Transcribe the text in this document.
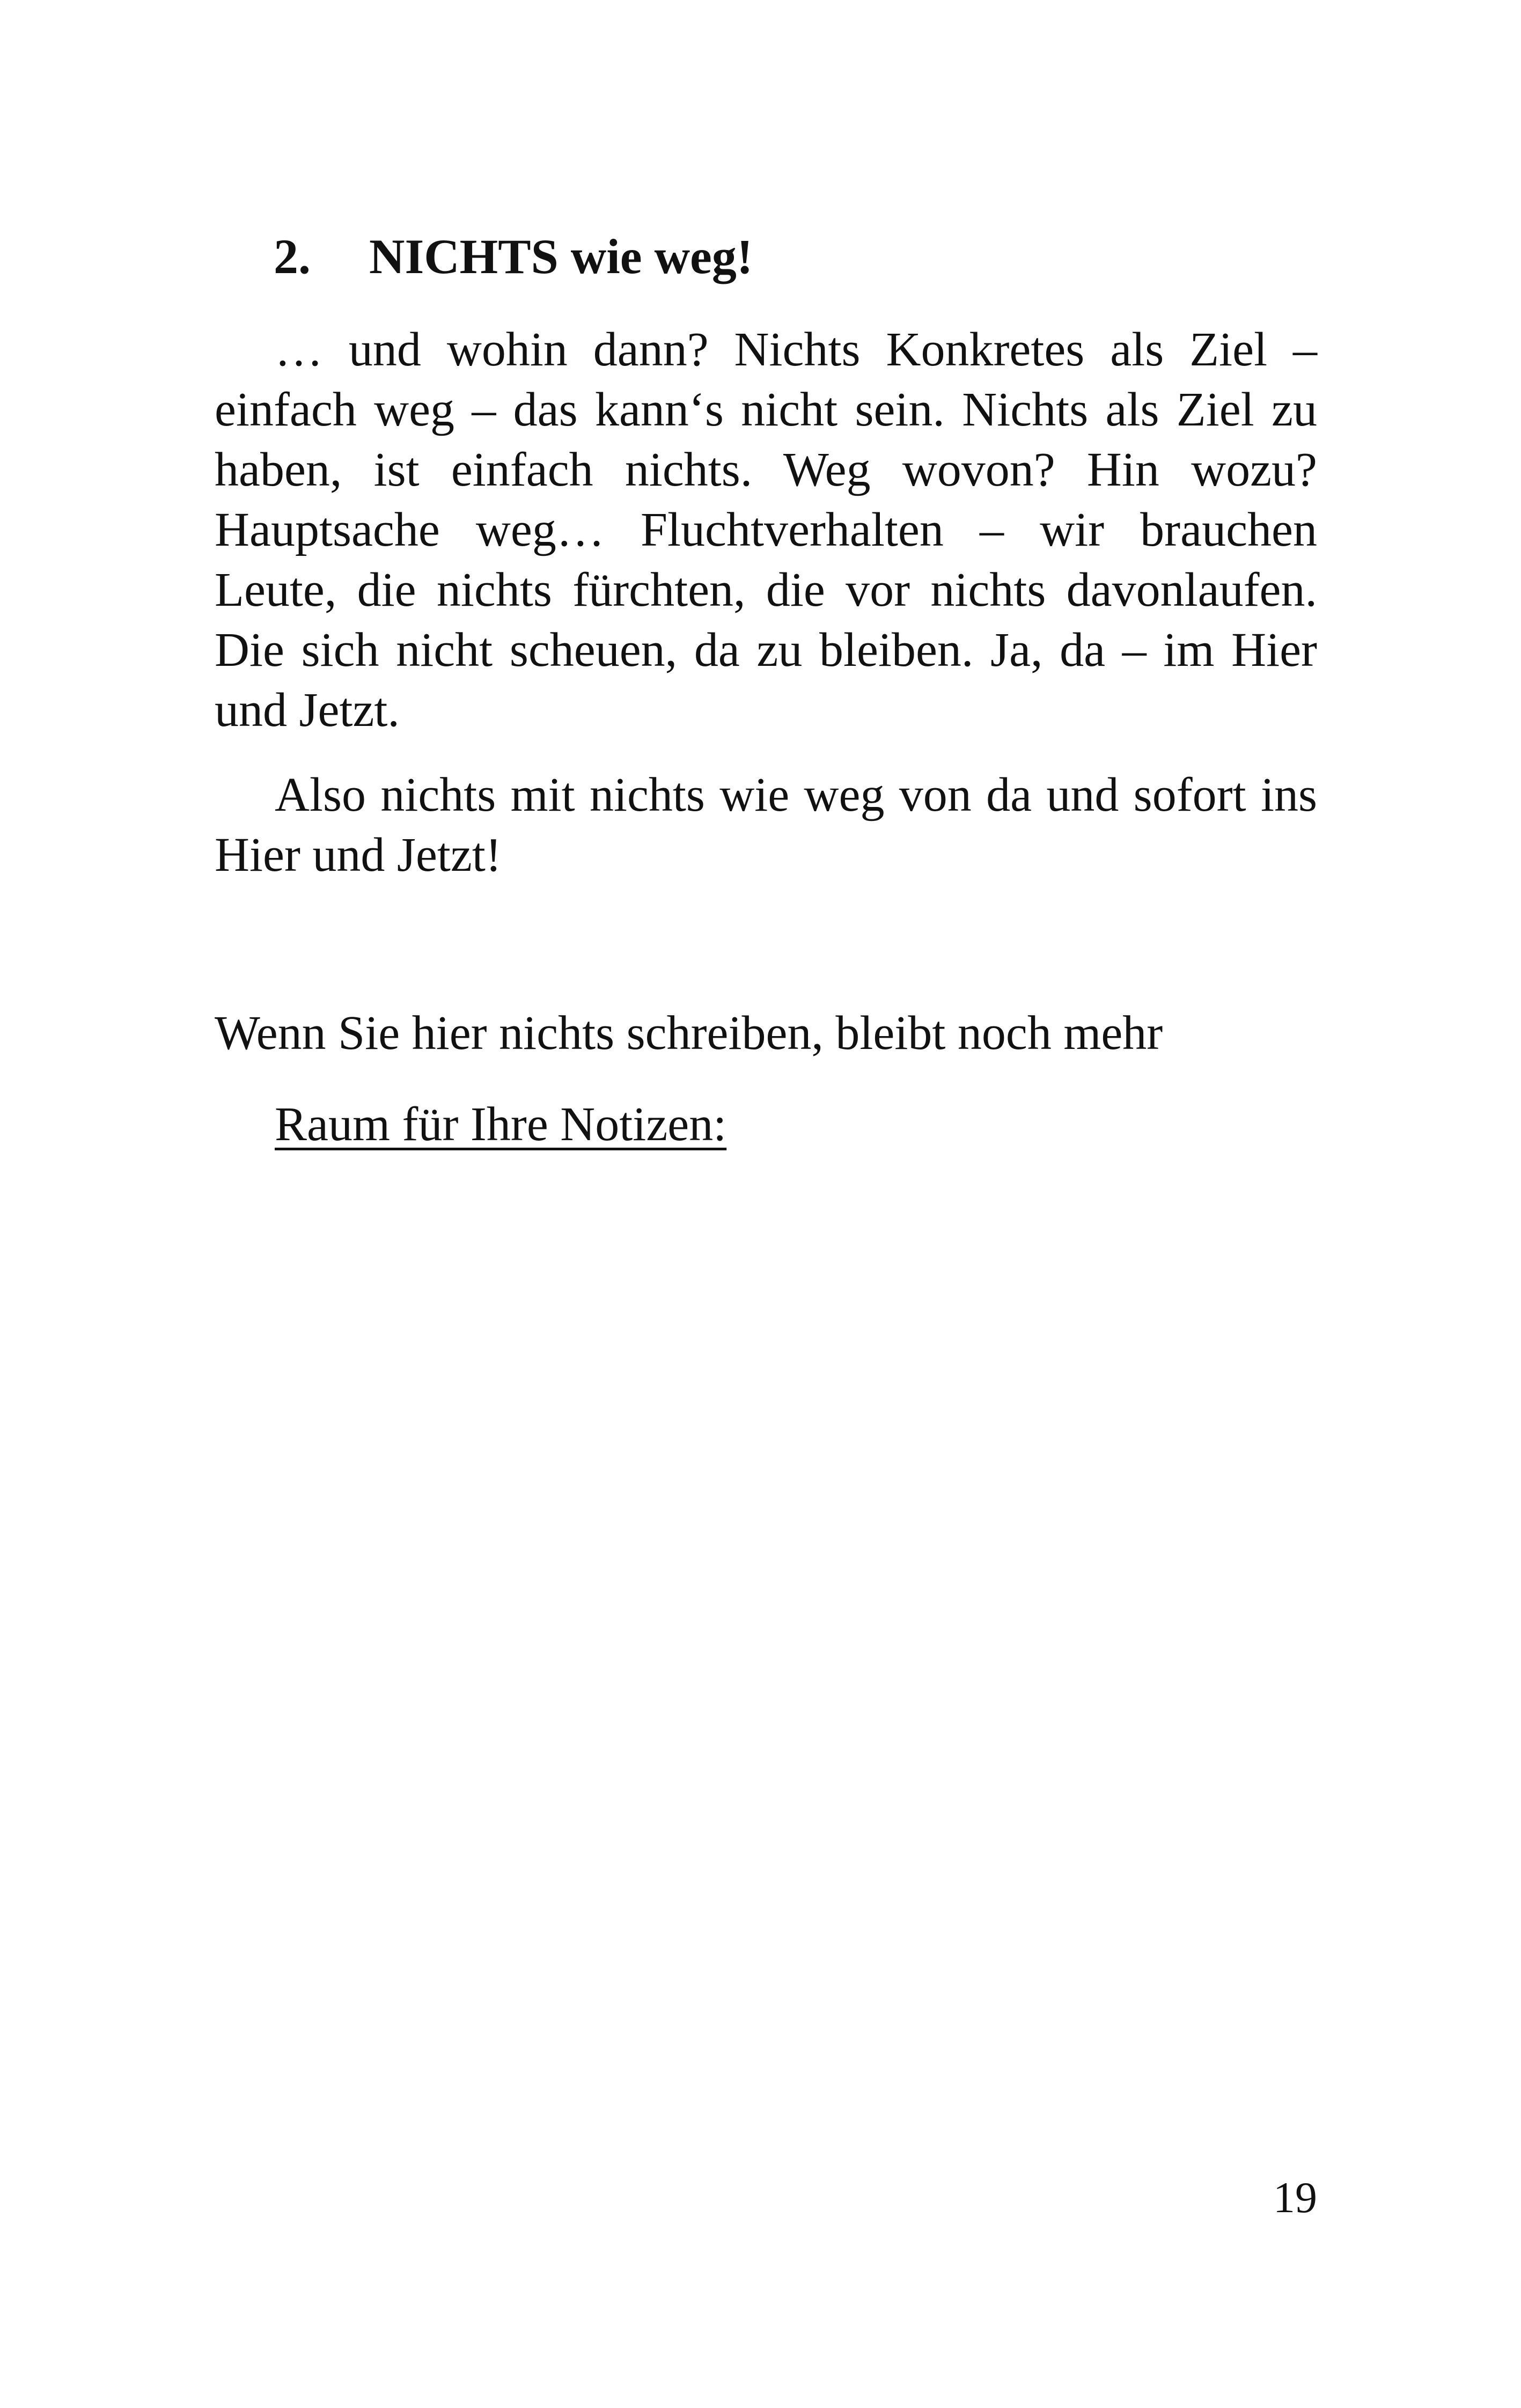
2. NICHTS wie weg!

… und wohin dann? Nichts Konkretes als Ziel – einfach weg – das kann‘s nicht sein. Nichts als Ziel zu haben, ist einfach nichts. Weg wovon? Hin wozu? Hauptsache weg… Fluchtverhalten – wir brauchen Leute, die nichts fürchten, die vor nichts davonlaufen. Die sich nicht scheuen, da zu bleiben. Ja, da – im Hier und Jetzt.

Also nichts mit nichts wie weg von da und sofort ins Hier und Jetzt!

Wenn Sie hier nichts schreiben, bleibt noch mehr
Raum für Ihre Notizen:
19
